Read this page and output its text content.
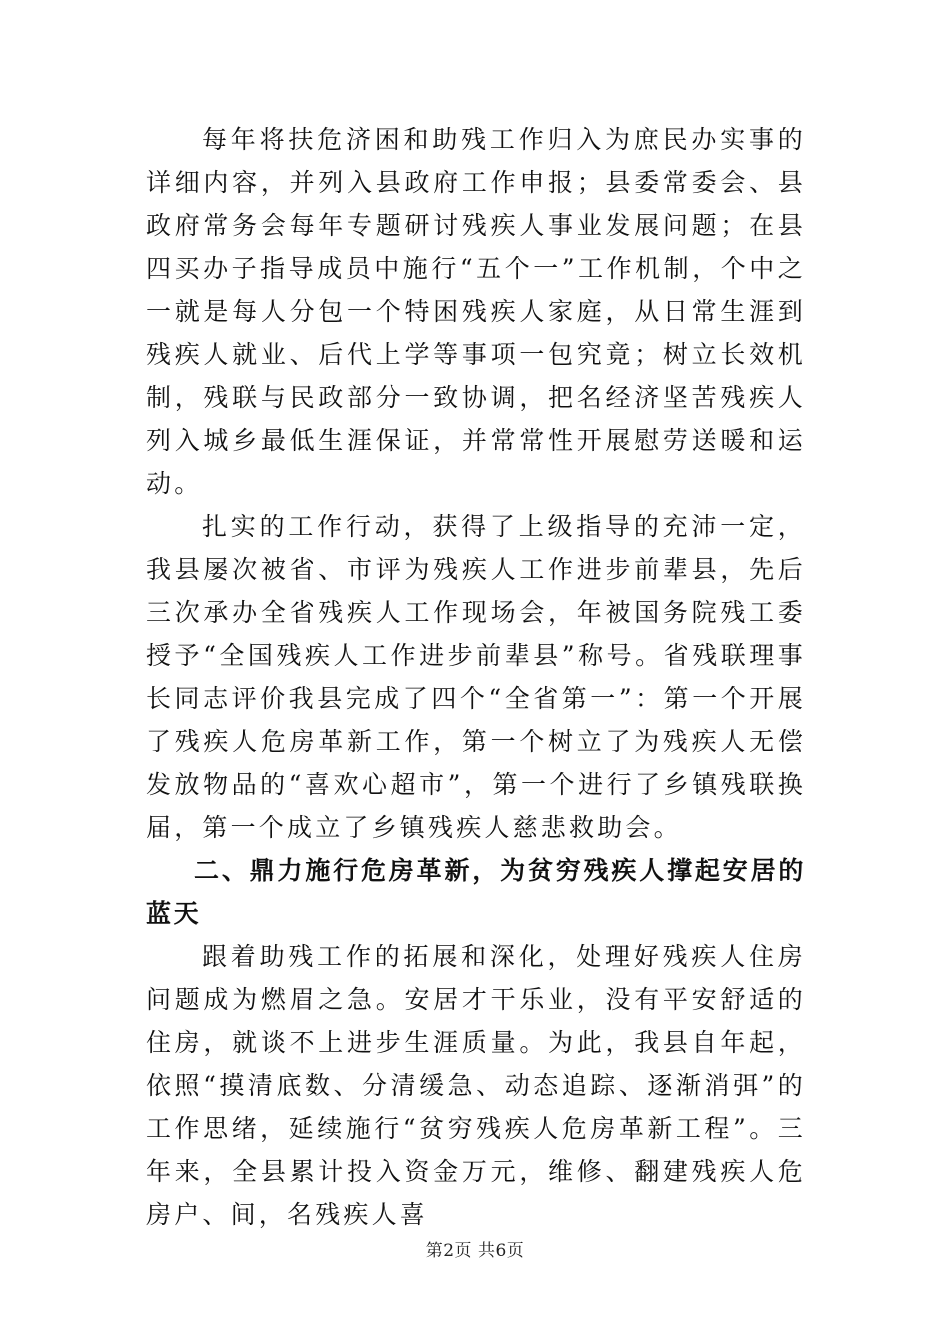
每年将扶危济困和助残工作归入为庶民办实事的详细内容，并列入县政府工作申报；县委常委会、县政府常务会每年专题研讨残疾人事业发展问题；在县四买办子指导成员中施行“五个一”工作机制，个中之一就是每人分包一个特困残疾人家庭，从日常生涯到残疾人就业、后代上学等事项一包究竟；树立长效机制，残联与民政部分一致协调，把名经济坚苦残疾人列入城乡最低生涯保证，并常常性开展慰劳送暖和运动。

扎实的工作行动，获得了上级指导的充沛一定，我县屡次被省、市评为残疾人工作进步前辈县，先后三次承办全省残疾人工作现场会，年被国务院残工委授予“全国残疾人工作进步前辈县”称号。省残联理事长同志评价我县完成了四个“全省第一”：第一个开展了残疾人危房革新工作，第一个树立了为残疾人无偿发放物品的“喜欢心超市”，第一个进行了乡镇残联换届，第一个成立了乡镇残疾人慈悲救助会。

二、鼎力施行危房革新，为贫穷残疾人撑起安居的蓝天

跟着助残工作的拓展和深化，处理好残疾人住房问题成为燃眉之急。安居才干乐业，没有平安舒适的住房，就谈不上进步生涯质量。为此，我县自年起，依照“摸清底数、分清缓急、动态追踪、逐渐消弭”的工作思绪，延续施行“贫穷残疾人危房革新工程”。三年来，全县累计投入资金万元，维修、翻建残疾人危房户、间，名残疾人喜

第2页 共6页
